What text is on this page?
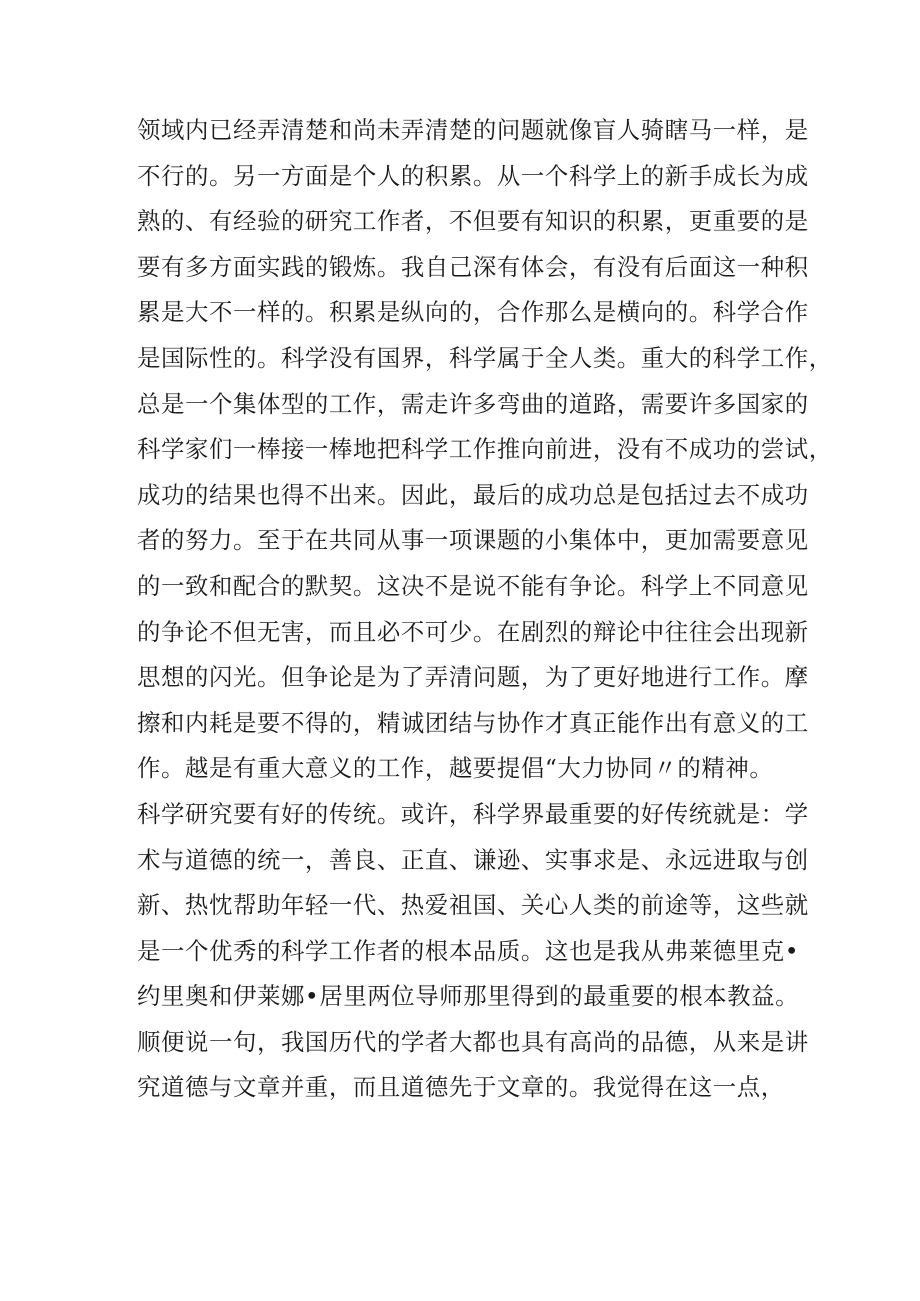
领域内已经弄清楚和尚未弄清楚的问题就像盲人骑瞎马一样，是
不行的。另一方面是个人的积累。从一个科学上的新手成长为成
熟的、有经验的研究工作者，不但要有知识的积累，更重要的是
要有多方面实践的锻炼。我自己深有体会，有没有后面这一种积
累是大不一样的。积累是纵向的，合作那么是横向的。科学合作
是国际性的。科学没有国界，科学属于全人类。重大的科学工作，
总是一个集体型的工作，需走许多弯曲的道路，需要许多国家的
科学家们一棒接一棒地把科学工作推向前进，没有不成功的尝试，
成功的结果也得不出来。因此，最后的成功总是包括过去不成功
者的努力。至于在共同从事一项课题的小集体中，更加需要意见
的一致和配合的默契。这决不是说不能有争论。科学上不同意见
的争论不但无害，而且必不可少。在剧烈的辩论中往往会出现新
思想的闪光。但争论是为了弄清问题，为了更好地进行工作。摩
擦和内耗是要不得的，精诚团结与协作才真正能作出有意义的工
作。越是有重大意义的工作，越要提倡“大力协同〃的精神。
科学研究要有好的传统。或许，科学界最重要的好传统就是：学
术与道德的统一，善良、正直、谦逊、实事求是、永远进取与创
新、热忱帮助年轻一代、热爱祖国、关心人类的前途等，这些就
是一个优秀的科学工作者的根本品质。这也是我从弗莱德里克•
约里奥和伊莱娜•居里两位导师那里得到的最重要的根本教益。
顺便说一句，我国历代的学者大都也具有高尚的品德，从来是讲
究道德与文章并重，而且道德先于文章的。我觉得在这一点，
